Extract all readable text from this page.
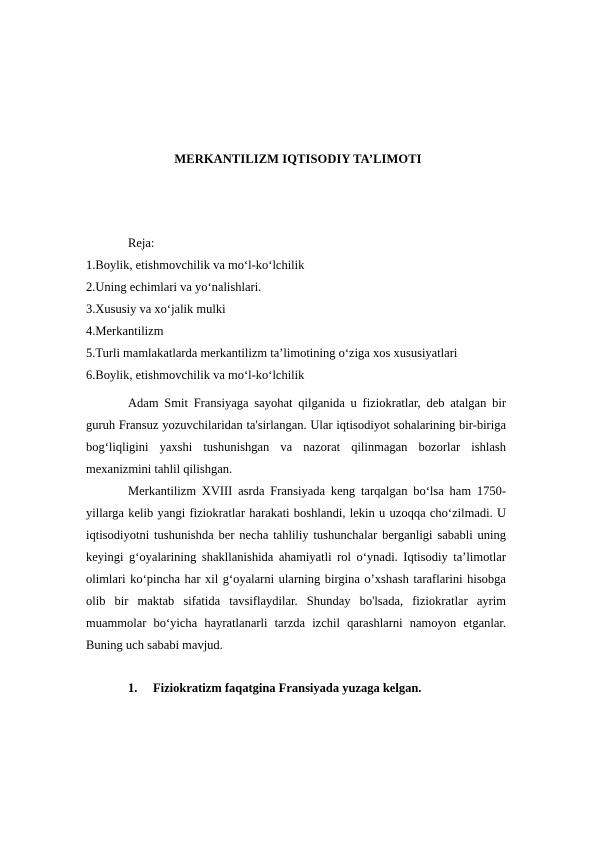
MERKANTILIZM IQTISODIY TA’LIMOTI
Reja:
1.Boylik, etishmovchilik va mo‘l-ko‘lchilik
2.Uning echimlari va yo‘nalishlari.
3.Xususiy va xo‘jalik mulki
4.Merkantilizm
5.Turli mamlakatlarda merkantilizm ta’limotining o‘ziga xos xususiyatlari
6.Boylik, etishmovchilik va mo‘l-ko‘lchilik

Adam Smit Fransiyaga sayohat qilganida u fiziokratlar, deb atalgan bir guruh Fransuz yozuvchilaridan ta'sirlangan. Ular iqtisodiyot sohalarining bir-biriga bog‘liqligini yaxshi tushunishgan va nazorat qilinmagan bozorlar ishlash mexanizmini tahlil qilishgan.

Merkantilizm XVIII asrda Fransiyada keng tarqalgan bo‘lsa ham 1750-yillarga kelib yangi fiziokratlar harakati boshlandi, lekin u uzoqqa cho‘zilmadi. U iqtisodiyotni tushunishda ber necha tahliliy tushunchalar berganligi sababli uning keyingi g‘oyalarining shakllanishida ahamiyatli rol o‘ynadi. Iqtisodiy ta’limotlar olimlari ko‘pincha har xil g‘oyalarni ularning birgina o’xshash taraflarini hisobga olib bir maktab sifatida tavsiflaydilar. Shunday bo'lsada, fiziokratlar ayrim muammolar bo‘yicha hayratlanarli tarzda izchil qarashlarni namoyon etganlar. Buning uch sababi mavjud.

1. Fiziokratizm faqatgina Fransiyada yuzaga kelgan.
